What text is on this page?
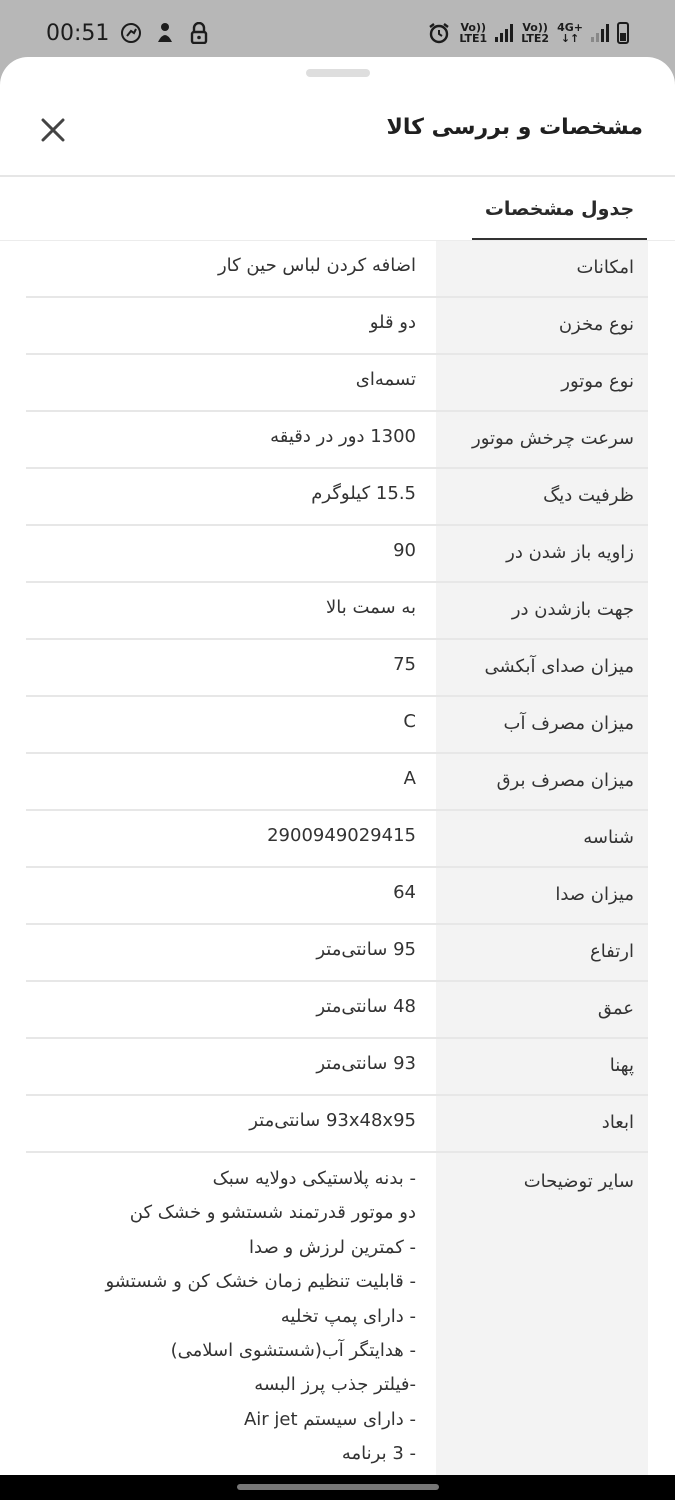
00:51	Vo))
LTE1
Vo))
LTE2
4G+
↓↑
مشخصات و بررسی کالا
جدول مشخصات
امکانات
اضافه کردن لباس حین کار
نوع مخزن
دو قلو
نوع موتور
تسمه‌ای
سرعت چرخش موتور
1300 دور در دقیقه
ظرفیت دیگ
15.5 کیلوگرم
زاویه باز شدن در
90
جهت بازشدن در
به سمت بالا
میزان صدای آبکشی
75
میزان مصرف آب
C
میزان مصرف برق
A
شناسه
2900949029415
میزان صدا
64
ارتفاع
95 سانتی‌متر
عمق
48 سانتی‌متر
پهنا
93 سانتی‌متر
ابعاد
93x48x95 سانتی‌متر
سایر توضیحات
- بدنه پلاستیکی دولایه سبک
دو موتور قدرتمند شستشو و خشک کن
- کمترین لرزش و صدا
- قابلیت تنظیم زمان خشک کن و شستشو
- دارای پمپ تخلیه
- هدایتگر آب(شستشوی اسلامی)
-فیلتر جذب پرز البسه
- دارای سیستم Air jet
- 3 برنامه
